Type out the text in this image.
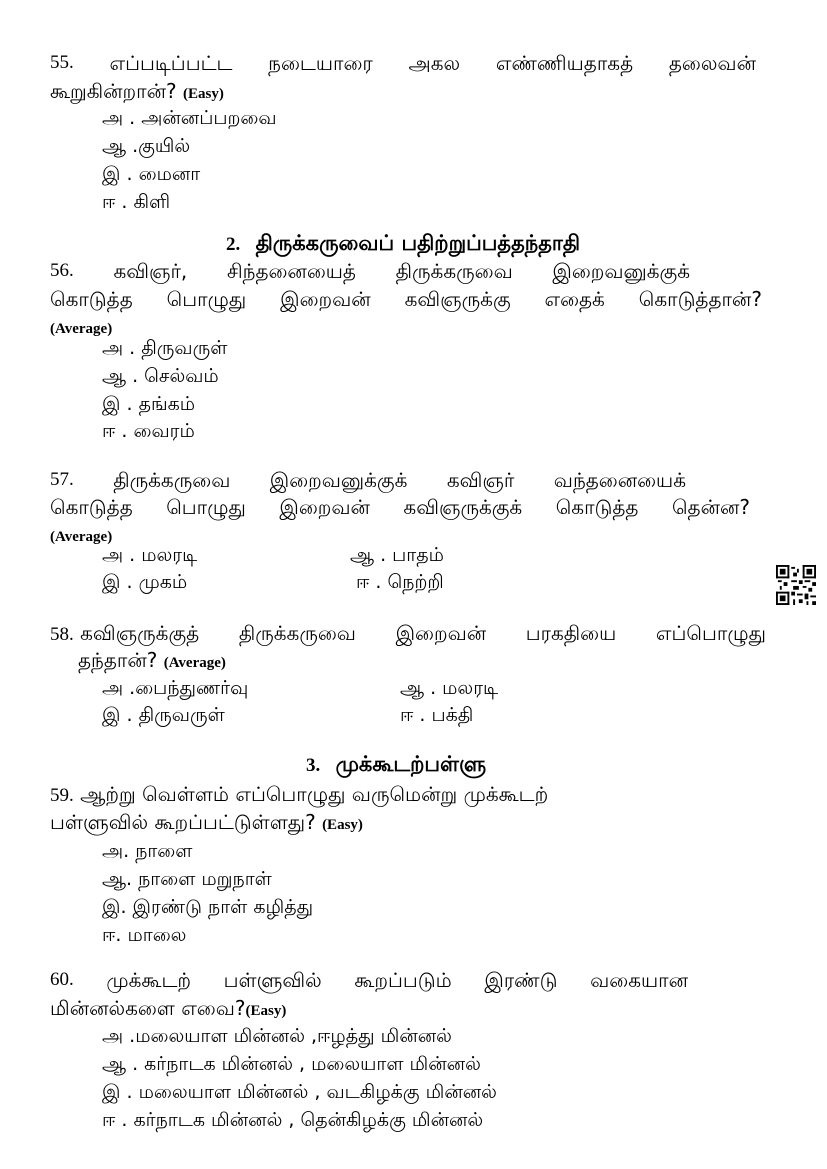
55. எப்படிப்பட்ட நடையாரை அகல எண்ணியதாகத் தலைவன்
கூறுகின்றான்? (Easy)
அ . அன்னப்பறவை
ஆ .குயில்
இ . மைனா
ஈ . கிளி
2. திருக்கருவைப் பதிற்றுப்பத்தந்தாதி
56. கவிஞர், சிந்தனையைத் திருக்கருவை இறைவனுக்குக்
கொடுத்த பொழுது இறைவன் கவிஞருக்கு எதைக் கொடுத்தான்?
(Average)
அ . திருவருள்
ஆ . செல்வம்
இ . தங்கம்
ஈ . வைரம்
57. திருக்கருவை இறைவனுக்குக் கவிஞர் வந்தனையைக்
கொடுத்த பொழுது இறைவன் கவிஞருக்குக் கொடுத்த தென்ன?
(Average)
அ . மலரடி	ஆ . பாதம்
இ . முகம்	ஈ . நெற்றி
58. கவிஞருக்குத் திருக்கருவை இறைவன் பரகதியை எப்பொழுது
தந்தான்? (Average)
அ .பைந்துணர்வு	ஆ . மலரடி
இ . திருவருள்	ஈ . பக்தி
3. முக்கூடற்பள்ளு
59. ஆற்று வெள்ளம் எப்பொழுது வருமென்று முக்கூடற்
பள்ளுவில் கூறப்பட்டுள்ளது? (Easy)
அ. நாளை
ஆ. நாளை மறுநாள்
இ. இரண்டு நாள் கழித்து
ஈ. மாலை
60. முக்கூடற் பள்ளுவில் கூறப்படும் இரண்டு வகையான
மின்னல்களை எவை?(Easy)
அ .மலையாள மின்னல் ,ஈழத்து மின்னல்
ஆ . கர்நாடக மின்னல் , மலையாள மின்னல்
இ . மலையாள மின்னல் , வடகிழக்கு மின்னல்
ஈ . கர்நாடக மின்னல் , தென்கிழக்கு மின்னல்
